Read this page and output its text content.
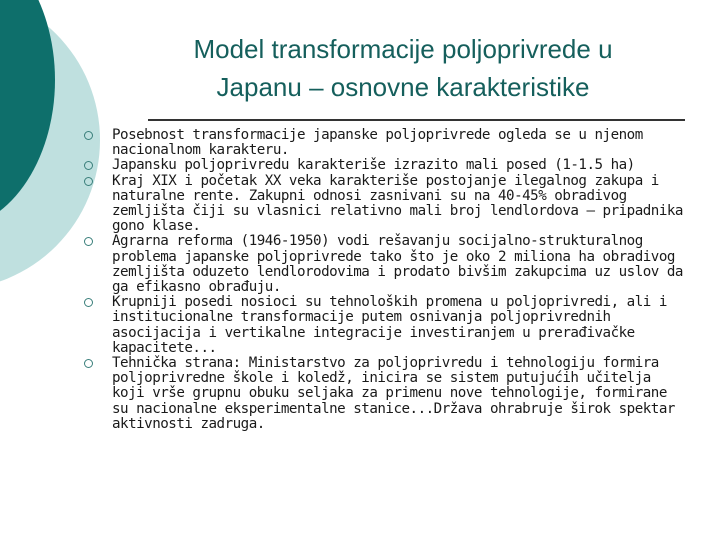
Model transformacije poljoprivrede u
Japanu – osnovne karakteristike
Posebnost transformacije japanske poljoprivrede ogleda se u njenom nacionalnom karakteru.
Japansku poljoprivredu karakteriše izrazito mali posed (1-1.5 ha)
Kraj XIX i početak XX veka karakteriše postojanje ilegalnog zakupa i naturalne rente. Zakupni odnosi zasnivani su na 40-45% obradivog zemljišta čiji su vlasnici relativno mali broj lendlordova – pripadnika gono klase.
Agrarna reforma (1946-1950) vodi rešavanju socijalno-strukturalnog problema japanske poljoprivrede tako što je oko 2 miliona ha obradivog zemljišta oduzeto lendlorodovima i prodato bivšim zakupcima uz uslov da ga efikasno obrađuju.
Krupniji posedi nosioci su tehnoloških promena u poljoprivredi, ali i institucionalne transformacije putem osnivanja poljoprivrednih asocijacija i vertikalne integracije investiranjem u prerađivačke kapacitete...
Tehnička strana: Ministarstvo za poljoprivredu i tehnologiju formira poljoprivredne škole i koledž, inicira se sistem putujućih učitelja koji vrše grupnu obuku seljaka za primenu nove tehnologije, formirane su nacionalne eksperimentalne stanice...Država ohrabruje širok spektar aktivnosti zadruga.
